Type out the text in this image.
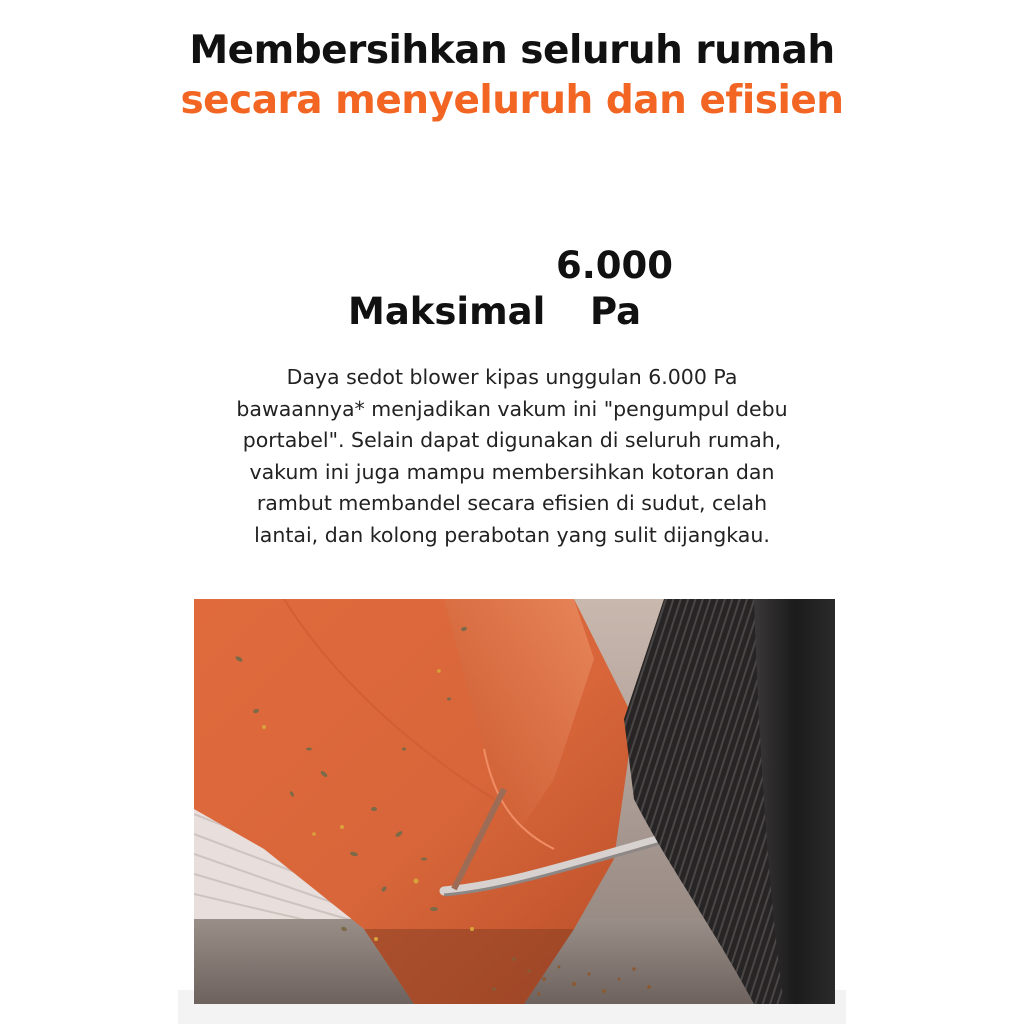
Membersihkan seluruh rumah
secara menyeluruh dan efisien
6.000
Maksimal Pa
Daya sedot blower kipas unggulan 6.000 Pa
bawaannya* menjadikan vakum ini "pengumpul debu
portabel". Selain dapat digunakan di seluruh rumah,
vakum ini juga mampu membersihkan kotoran dan
rambut membandel secara efisien di sudut, celah
lantai, dan kolong perabotan yang sulit dijangkau.
